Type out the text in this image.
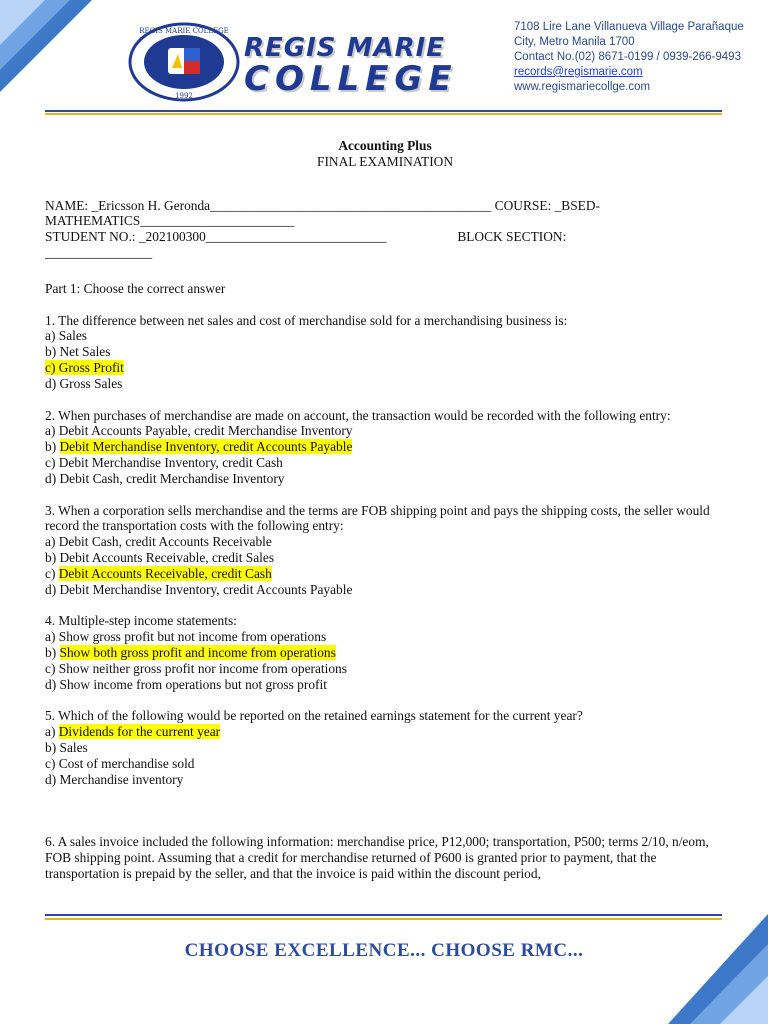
REGIS MARIE COLLEGE
1992
REGIS MARIE
COLLEGE
7108 Lire Lane Villanueva Village Parañaque
City, Metro Manila 1700
Contact No.(02) 8671-0199 / 0939-266-9493
records@regismarie.com
www.regismariecollge.com

Accounting Plus

FINAL EXAMINATION

NAME: _Ericsson H. Geronda__________________________________________ COURSE: _BSED-

MATHEMATICS_______________________

STUDENT NO.: _202100300___________________________	BLOCK SECTION:

________________

Part 1: Choose the correct answer

1. The difference between net sales and cost of merchandise sold for a merchandising business is:

a) Sales

b) Net Sales

c) Gross Profit

d) Gross Sales

2. When purchases of merchandise are made on account, the transaction would be recorded with the following entry:

a) Debit Accounts Payable, credit Merchandise Inventory

b) Debit Merchandise Inventory, credit Accounts Payable

c) Debit Merchandise Inventory, credit Cash

d) Debit Cash, credit Merchandise Inventory

3. When a corporation sells merchandise and the terms are FOB shipping point and pays the shipping costs, the seller would record the transportation costs with the following entry:

a) Debit Cash, credit Accounts Receivable

b) Debit Accounts Receivable, credit Sales

c) Debit Accounts Receivable, credit Cash

d) Debit Merchandise Inventory, credit Accounts Payable

4. Multiple-step income statements:

a) Show gross profit but not income from operations

b) Show both gross profit and income from operations

c) Show neither gross profit nor income from operations

d) Show income from operations but not gross profit

5. Which of the following would be reported on the retained earnings statement for the current year?

a) Dividends for the current year

b) Sales

c) Cost of merchandise sold

d) Merchandise inventory

6. A sales invoice included the following information: merchandise price, P12,000; transportation, P500; terms 2/10, n/eom, FOB shipping point. Assuming that a credit for merchandise returned of P600 is granted prior to payment, that the transportation is prepaid by the seller, and that the invoice is paid within the discount period,

CHOOSE EXCELLENCE... CHOOSE RMC...
